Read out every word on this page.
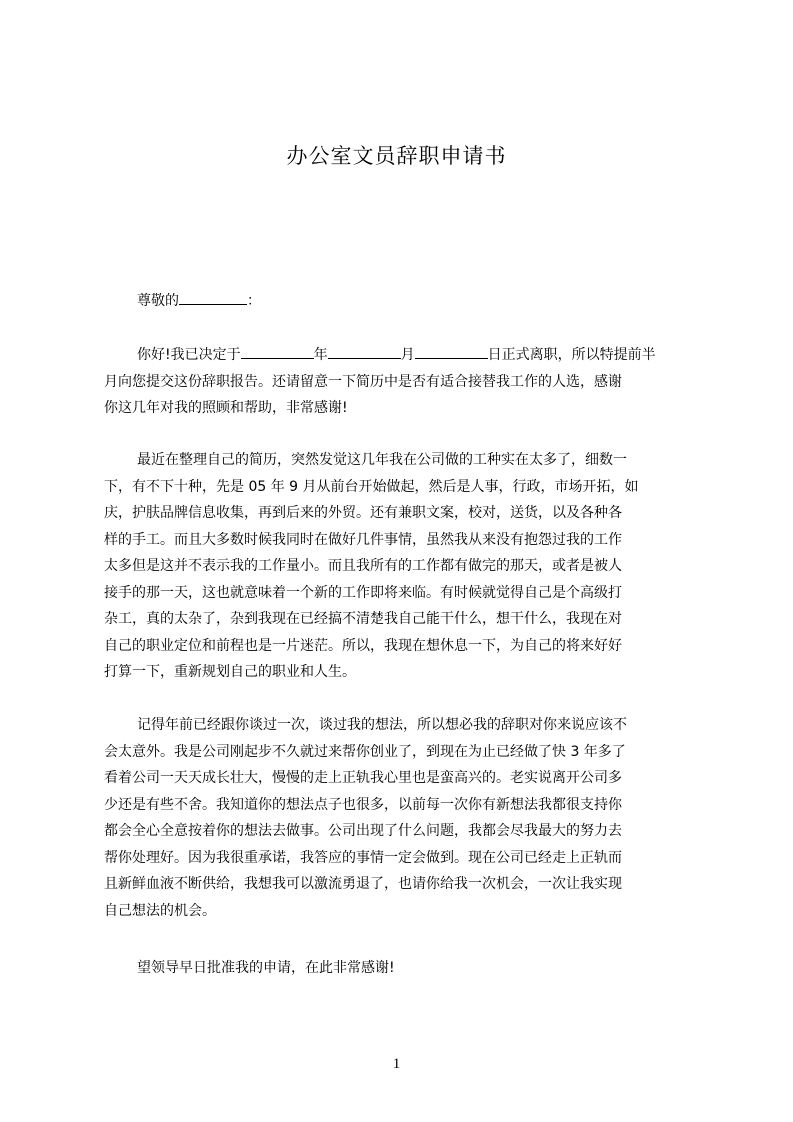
办公室文员辞职申请书
尊敬的	：
你好!我已决定于	年	月	日正式离职，所以特提前半
月向您提交这份辞职报告。还请留意一下简历中是否有适合接替我工作的人选，感谢
你这几年对我的照顾和帮助，非常感谢!
最近在整理自己的简历，突然发觉这几年我在公司做的工种实在太多了，细数一
下，有不下十种，先是 05 年 9 月从前台开始做起，然后是人事，行政，市场开拓，如
庆，护肤品牌信息收集，再到后来的外贸。还有兼职文案，校对，送货，以及各种各
样的手工。而且大多数时候我同时在做好几件事情，虽然我从来没有抱怨过我的工作
太多但是这并不表示我的工作量小。而且我所有的工作都有做完的那天，或者是被人
接手的那一天，这也就意味着一个新的工作即将来临。有时候就觉得自己是个高级打
杂工，真的太杂了，杂到我现在已经搞不清楚我自己能干什么，想干什么，我现在对
自己的职业定位和前程也是一片迷茫。所以，我现在想休息一下，为自己的将来好好
打算一下，重新规划自己的职业和人生。
记得年前已经跟你谈过一次，谈过我的想法，所以想必我的辞职对你来说应该不
会太意外。我是公司刚起步不久就过来帮你创业了，到现在为止已经做了快 3 年多了
看着公司一天天成长壮大，慢慢的走上正轨我心里也是蛮高兴的。老实说离开公司多
少还是有些不舍。我知道你的想法点子也很多，以前每一次你有新想法我都很支持你
都会全心全意按着你的想法去做事。公司出现了什么问题，我都会尽我最大的努力去
帮你处理好。因为我很重承诺，我答应的事情一定会做到。现在公司已经走上正轨而
且新鲜血液不断供给，我想我可以激流勇退了，也请你给我一次机会，一次让我实现
自己想法的机会。
望领导早日批准我的申请，在此非常感谢!
1
